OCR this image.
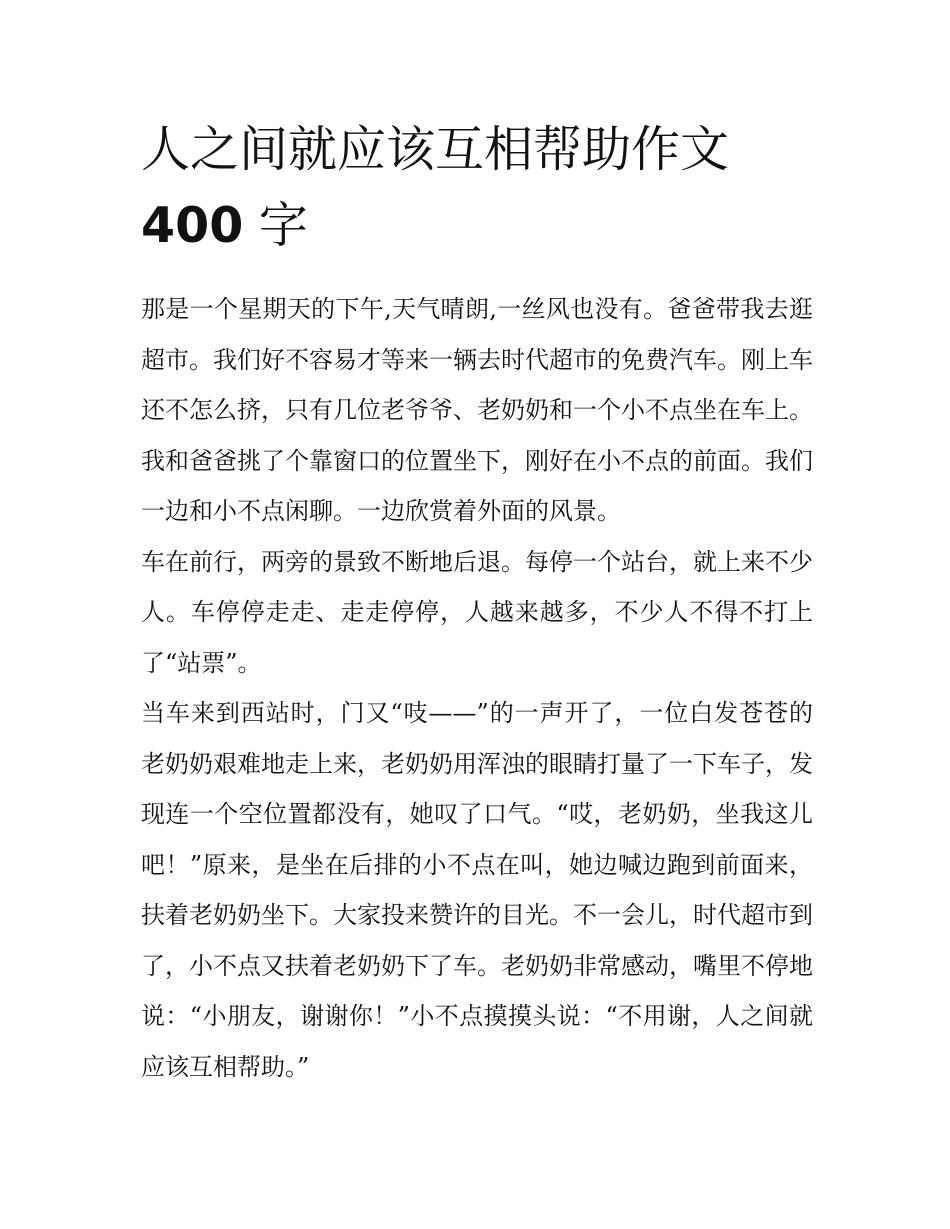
人之间就应该互相帮助作文
400 字

那是一个星期天的下午,天气晴朗,一丝风也没有。爸爸带我去逛超市。我们好不容易才等来一辆去时代超市的免费汽车。刚上车还不怎么挤，只有几位老爷爷、老奶奶和一个小不点坐在车上。我和爸爸挑了个靠窗口的位置坐下，刚好在小不点的前面。我们一边和小不点闲聊。一边欣赏着外面的风景。

车在前行，两旁的景致不断地后退。每停一个站台，就上来不少人。车停停走走、走走停停，人越来越多，不少人不得不打上了“站票”。

当车来到西站时，门又“吱——”的一声开了，一位白发苍苍的老奶奶艰难地走上来，老奶奶用浑浊的眼睛打量了一下车子，发现连一个空位置都没有，她叹了口气。“哎，老奶奶，坐我这儿吧！”原来，是坐在后排的小不点在叫，她边喊边跑到前面来，扶着老奶奶坐下。大家投来赞许的目光。不一会儿，时代超市到了，小不点又扶着老奶奶下了车。老奶奶非常感动，嘴里不停地说：“小朋友，谢谢你！”小不点摸摸头说：“不用谢，人之间就应该互相帮助。”
